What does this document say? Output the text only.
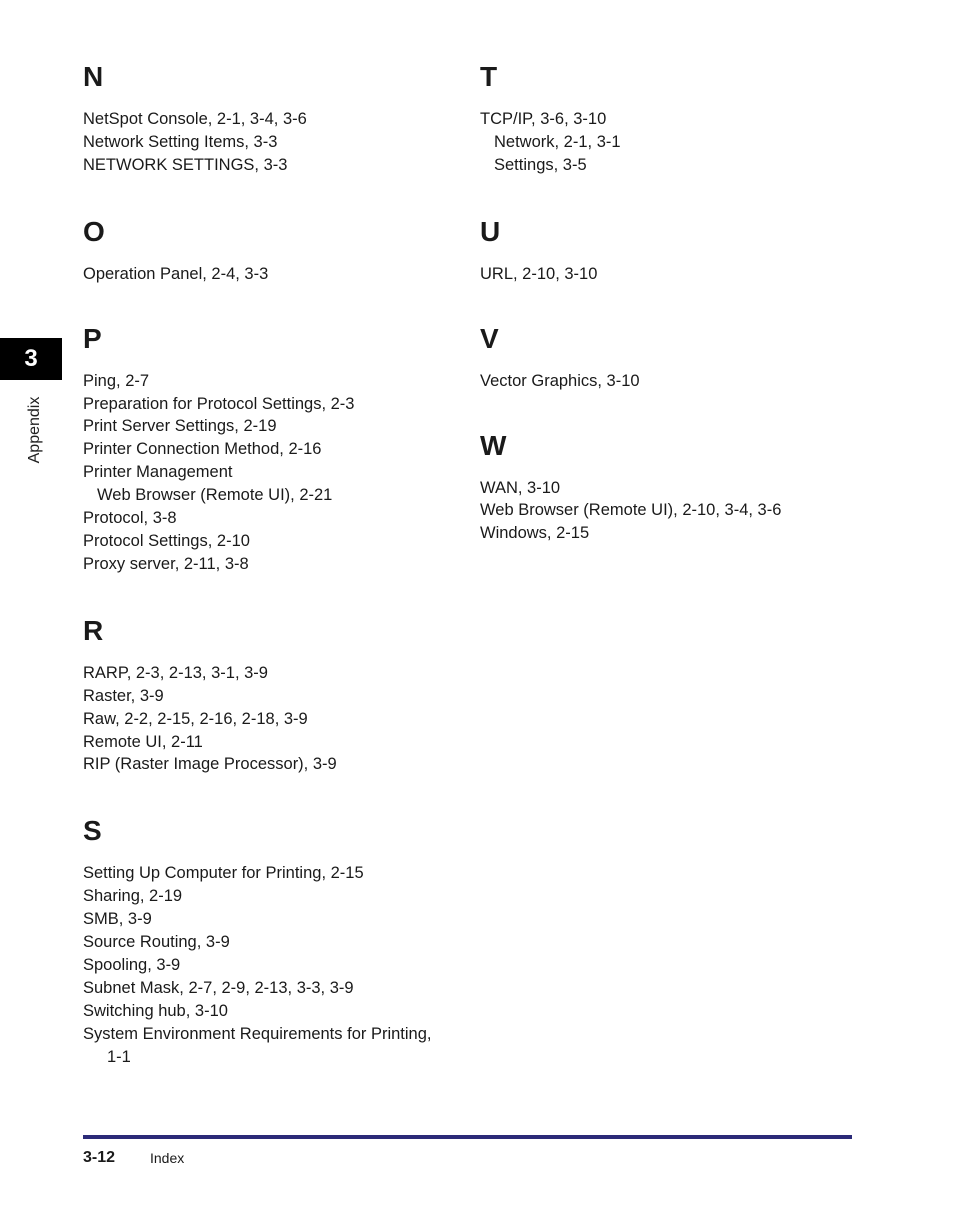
3
Appendix
N
NetSpot Console, 2-1, 3-4, 3-6
Network Setting Items, 3-3
NETWORK SETTINGS, 3-3
O
Operation Panel, 2-4, 3-3
P
Ping, 2-7
Preparation for Protocol Settings, 2-3
Print Server Settings, 2-19
Printer Connection Method, 2-16
Printer Management
Web Browser (Remote UI), 2-21
Protocol, 3-8
Protocol Settings, 2-10
Proxy server, 2-11, 3-8
R
RARP, 2-3, 2-13, 3-1, 3-9
Raster, 3-9
Raw, 2-2, 2-15, 2-16, 2-18, 3-9
Remote UI, 2-11
RIP (Raster Image Processor), 3-9
S
Setting Up Computer for Printing, 2-15
Sharing, 2-19
SMB, 3-9
Source Routing, 3-9
Spooling, 3-9
Subnet Mask, 2-7, 2-9, 2-13, 3-3, 3-9
Switching hub, 3-10
System Environment Requirements for Printing,
1-1
T
TCP/IP, 3-6, 3-10
Network, 2-1, 3-1
Settings, 3-5
U
URL, 2-10, 3-10
V
Vector Graphics, 3-10
W
WAN, 3-10
Web Browser (Remote UI), 2-10, 3-4, 3-6
Windows, 2-15
3-12 Index
